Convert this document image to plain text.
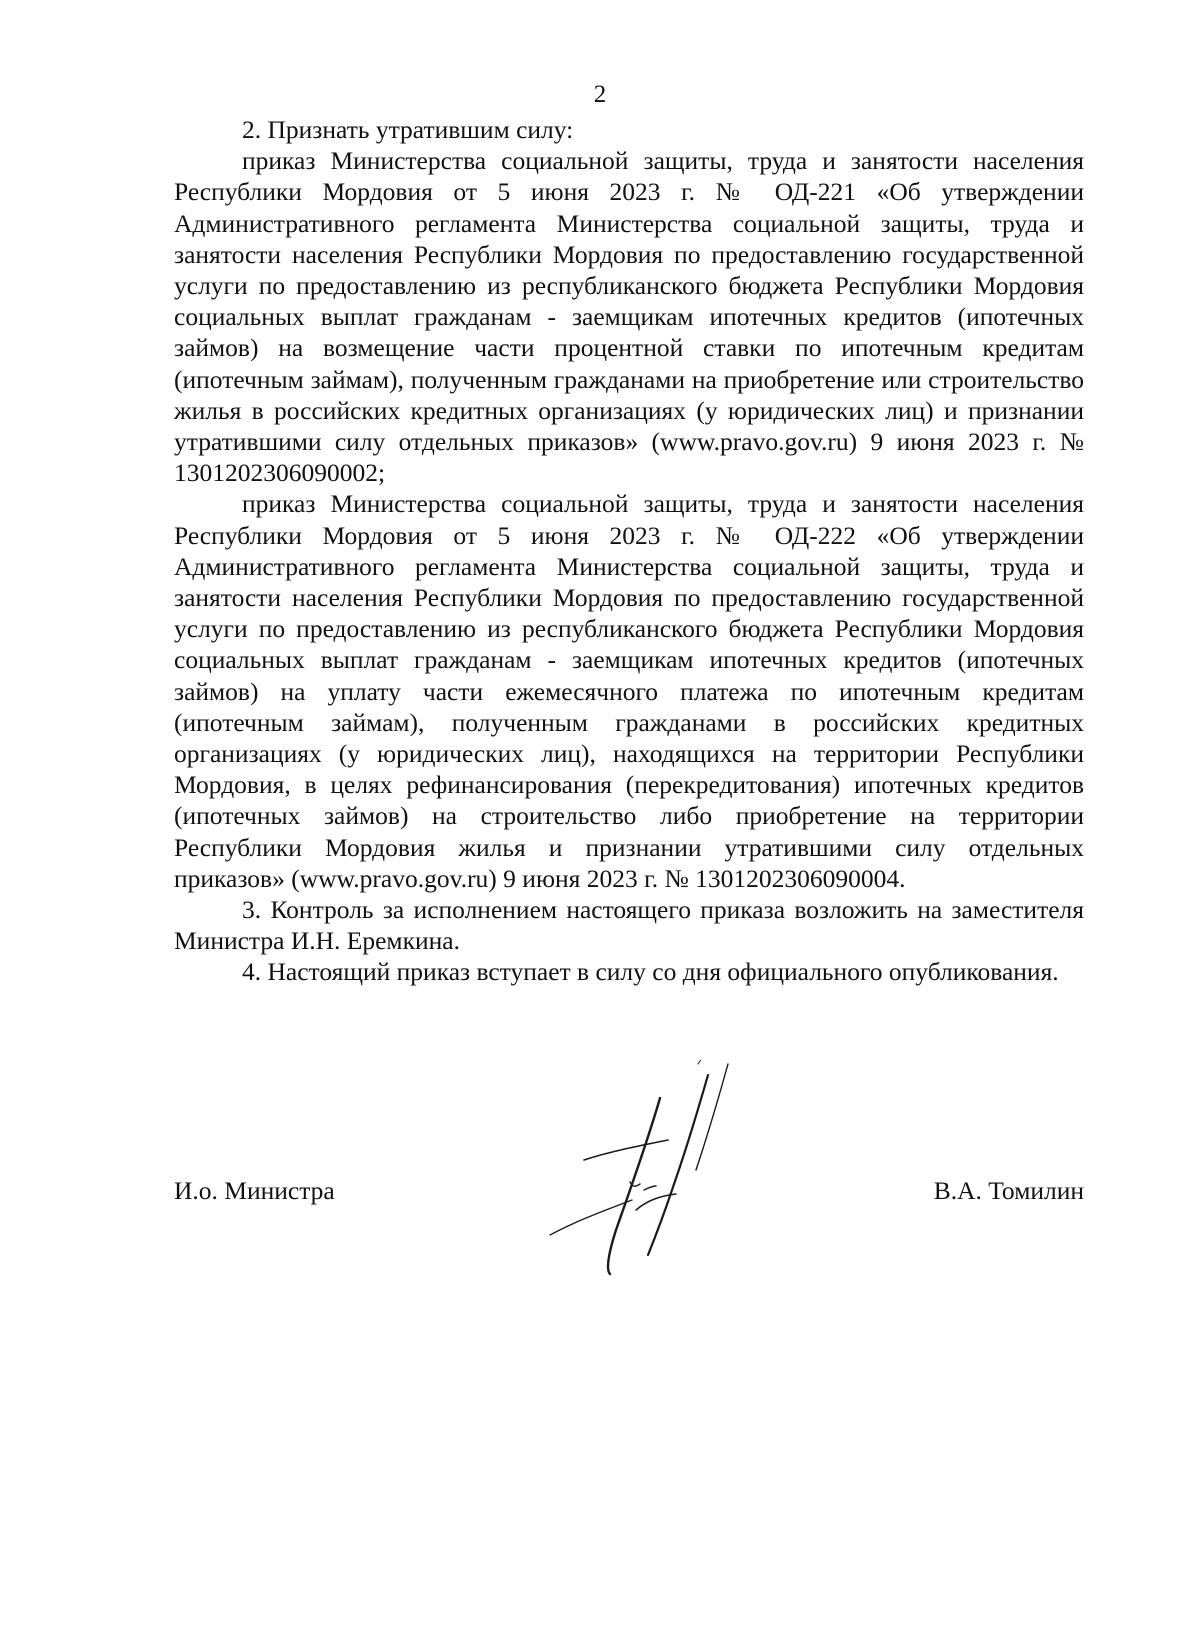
2

2. Признать утратившим силу:

приказ Министерства социальной защиты, труда и занятости населения Республики Мордовия от 5 июня 2023 г. № ОД-221 «Об утверждении Административного регламента Министерства социальной защиты, труда и занятости населения Республики Мордовия по предоставлению государственной услуги по предоставлению из республиканского бюджета Республики Мордовия социальных выплат гражданам - заемщикам ипотечных кредитов (ипотечных займов) на возмещение части процентной ставки по ипотечным кредитам (ипотечным займам), полученным гражданами на приобретение или строительство жилья в российских кредитных организациях (у юридических лиц) и признании утратившими силу отдельных приказов» (www.pravo.gov.ru) 9 июня 2023 г. № 1301202306090002;

приказ Министерства социальной защиты, труда и занятости населения Республики Мордовия от 5 июня 2023 г. № ОД-222 «Об утверждении Административного регламента Министерства социальной защиты, труда и занятости населения Республики Мордовия по предоставлению государственной услуги по предоставлению из республиканского бюджета Республики Мордовия социальных выплат гражданам - заемщикам ипотечных кредитов (ипотечных займов) на уплату части ежемесячного платежа по ипотечным кредитам (ипотечным займам), полученным гражданами в российских кредитных организациях (у юридических лиц), находящихся на территории Республики Мордовия, в целях рефинансирования (перекредитования) ипотечных кредитов (ипотечных займов) на строительство либо приобретение на территории Республики Мордовия жилья и признании утратившими силу отдельных приказов» (www.pravo.gov.ru) 9 июня 2023 г. № 1301202306090004.

3. Контроль за исполнением настоящего приказа возложить на заместителя Министра И.Н. Еремкина.

4. Настоящий приказ вступает в силу со дня официального опубликования.

И.о. Министра	В.А. Томилин
